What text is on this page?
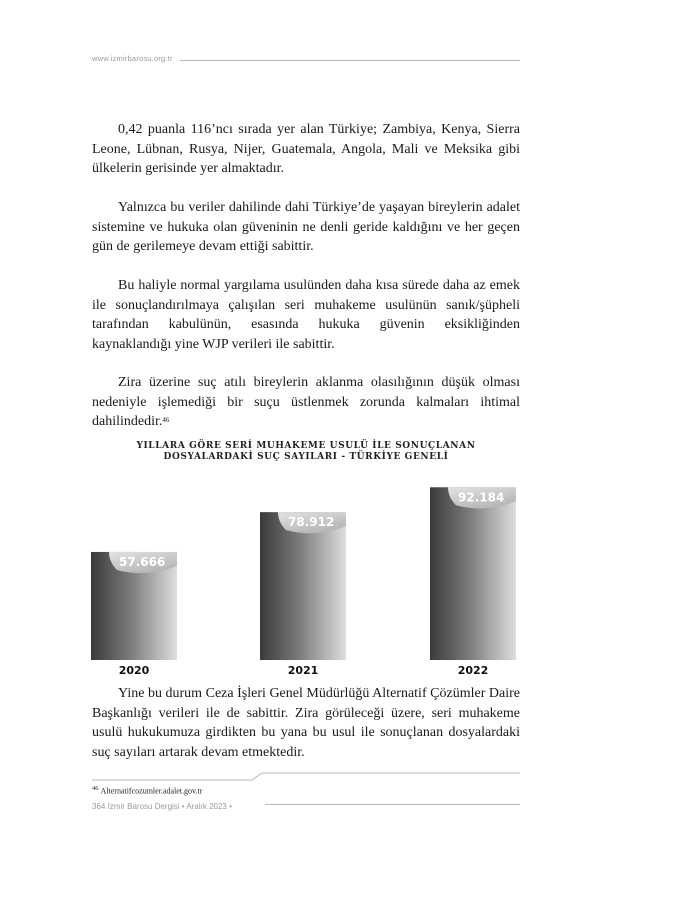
www.izmirbarosu.org.tr

0,42 puanla 116’ncı sırada yer alan Türkiye; Zambiya, Kenya, Sierra Leone, Lübnan, Rusya, Nijer, Guatemala, Angola, Mali ve Meksika gibi ülkelerin gerisinde yer almaktadır.

Yalnızca bu veriler dahilinde dahi Türkiye’de yaşayan bireylerin adalet sistemine ve hukuka olan güveninin ne denli geride kaldığını ve her geçen gün de gerilemeye devam ettiği sabittir.

Bu haliyle normal yargılama usulünden daha kısa sürede daha az emek ile sonuçlandırılmaya çalışılan seri muhakeme usulünün sanık/şüpheli tarafından kabulünün, esasında hukuka güvenin eksikliğinden kaynaklandığı yine WJP verileri ile sabittir.

Zira üzerine suç atılı bireylerin aklanma olasılığının düşük olması nedeniyle işlemediği bir suçu üstlenmek zorunda kalmaları ihtimal dahilindedir.$^{46}$

YILLARA GÖRE SERİ MUHAKEME USULÜ İLE SONUÇLANAN
DOSYALARDAKİ SUÇ SAYILARI - TÜRKİYE GENELİ
57.666
2020
78.912
2021
92.184
2022

Yine bu durum Ceza İşleri Genel Müdürlüğü Alternatif Çözümler Daire Başkanlığı verileri ile de sabittir. Zira görüleceği üzere, seri muhakeme usulü hukukumuza girdikten bu yana bu usul ile sonuçlanan dosyalardaki suç sayıları artarak devam etmektedir.

$^{46}$ Alternatifcozumler.adalet.gov.tr
364 İzmir Barosu Dergisi • Aralık 2023 •
